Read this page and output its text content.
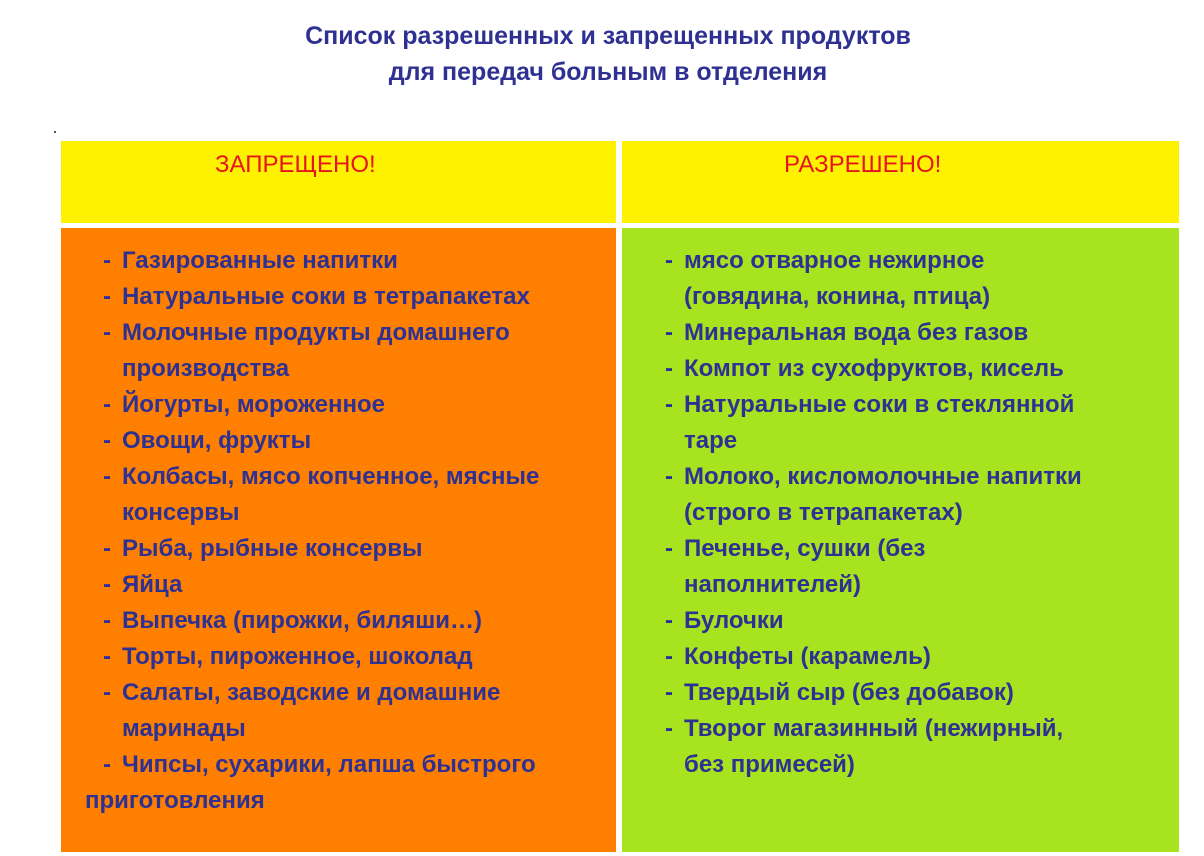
Список разрешенных и запрещенных продуктов
для передач больным в отделения
ЗАПРЕЩЕНО!	РАЗРЕШЕНО!
- Газированные напитки
- Натуральные соки в тетрапакетах
- Молочные продукты домашнего
производства
- Йогурты, мороженное
- Овощи, фрукты
- Колбасы, мясо копченное, мясные
консервы
- Рыба, рыбные консервы
- Яйца
- Выпечка (пирожки, биляши…)
- Торты, пироженное, шоколад
- Салаты, заводские и домашние
маринады
- Чипсы, сухарики, лапша быстрого
приготовления
- мясо отварное нежирное
(говядина, конина, птица)
- Минеральная вода без газов
- Компот из сухофруктов, кисель
- Натуральные соки в стеклянной
таре
- Молоко, кисломолочные напитки
(строго в тетрапакетах)
- Печенье, сушки (без
наполнителей)
- Булочки
- Конфеты (карамель)
- Твердый сыр (без добавок)
- Творог магазинный (нежирный,
без примесей)
